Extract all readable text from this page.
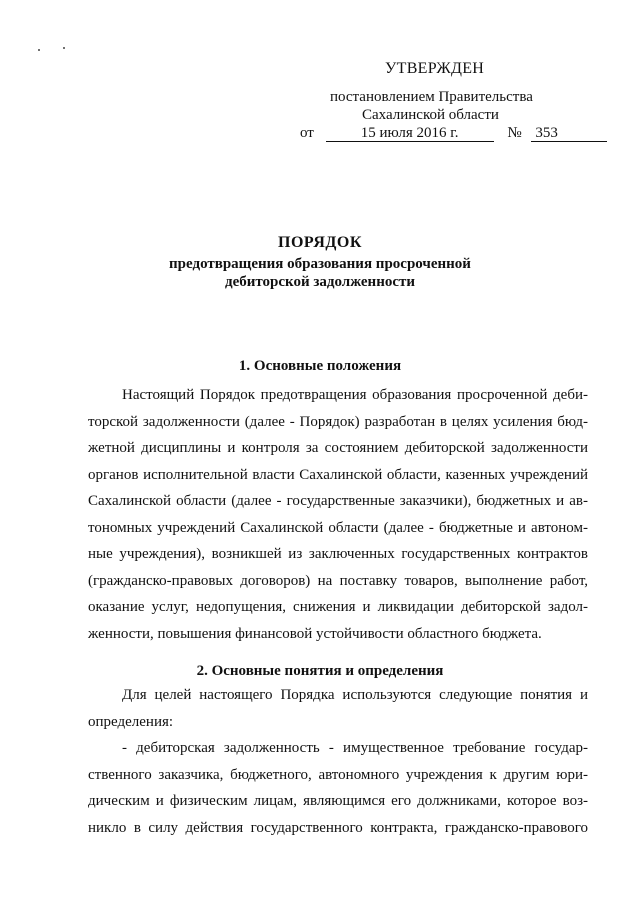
УТВЕРЖДЕН
постановлением Правительства
Сахалинской области
от	15 июля 2016 г.	№ 353
ПОРЯДОК
предотвращения образования просроченной
дебиторской задолженности
1. Основные положения
Настоящий Порядок предотвращения образования просроченной деби-
торской задолженности (далее - Порядок) разработан в целях усиления бюд-
жетной дисциплины и контроля за состоянием дебиторской задолженности
органов исполнительной власти Сахалинской области, казенных учреждений
Сахалинской области (далее - государственные заказчики), бюджетных и ав-
тономных учреждений Сахалинской области (далее - бюджетные и автоном-
ные учреждения), возникшей из заключенных государственных контрактов
(гражданско-правовых договоров) на поставку товаров, выполнение работ,
оказание услуг, недопущения, снижения и ликвидации дебиторской задол-
женности, повышения финансовой устойчивости областного бюджета.
2. Основные понятия и определения
Для целей настоящего Порядка используются следующие понятия и
определения:
- дебиторская задолженность - имущественное требование государ-
ственного заказчика, бюджетного, автономного учреждения к другим юри-
дическим и физическим лицам, являющимся его должниками, которое воз-
никло в силу действия государственного контракта, гражданско-правового
